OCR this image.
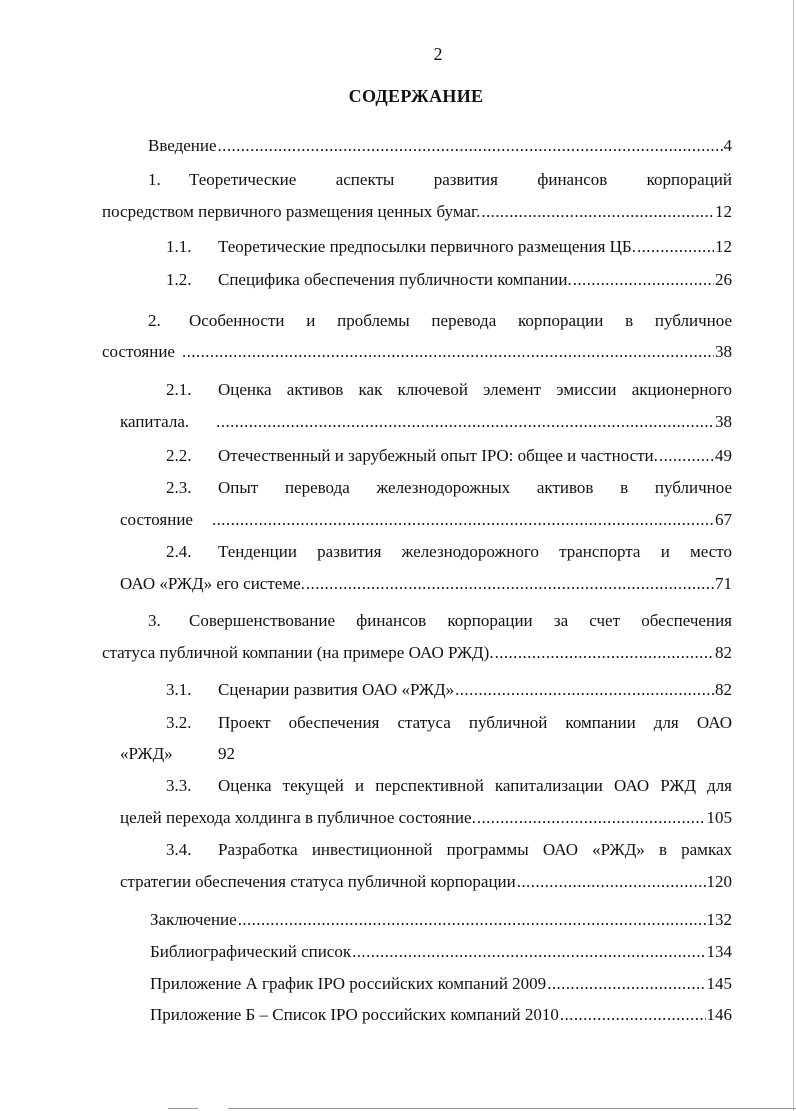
2
СОДЕРЖАНИЕ
Введение .....	4
1.	Теоретические аспекты развития финансов корпораций
посредством первичного размещения ценных бумаг. .....	12
1.1.	Теоретические предпосылки первичного размещения ЦБ. .....	12
1.2.	Специфика обеспечения публичности компании. .....	26
2.	Особенности и проблемы перевода корпорации в публичное
состояние .....	38
2.1.	Оценка активов как ключевой элемент эмиссии акционерного
капитала. .....	38
2.2.	Отечественный и зарубежный опыт IPO: общее и частности. .....	49
2.3.	Опыт перевода железнодорожных активов в публичное
состояние .....	67
2.4.	Тенденции развития железнодорожного транспорта и место
ОАО «РЖД» его системе. .....	71
3.	Совершенствование финансов корпорации за счет обеспечения
статуса публичной компании (на примере ОАО РЖД). .....	82
3.1.	Сценарии развития ОАО «РЖД» .....	82
3.2.	Проект обеспечения статуса публичной компании для ОАО
«РЖД»	92
3.3.	Оценка текущей и перспективной капитализации ОАО РЖД для
целей перехода холдинга в публичное состояние. .....	105
3.4.	Разработка инвестиционной программы ОАО «РЖД» в рамках
стратегии обеспечения статуса публичной корпорации .....	120
Заключение .....	132
Библиографический список .....	134
Приложение А график IPO российских компаний 2009 .....	145
Приложение Б – Список IPO российских компаний 2010 .....	146
